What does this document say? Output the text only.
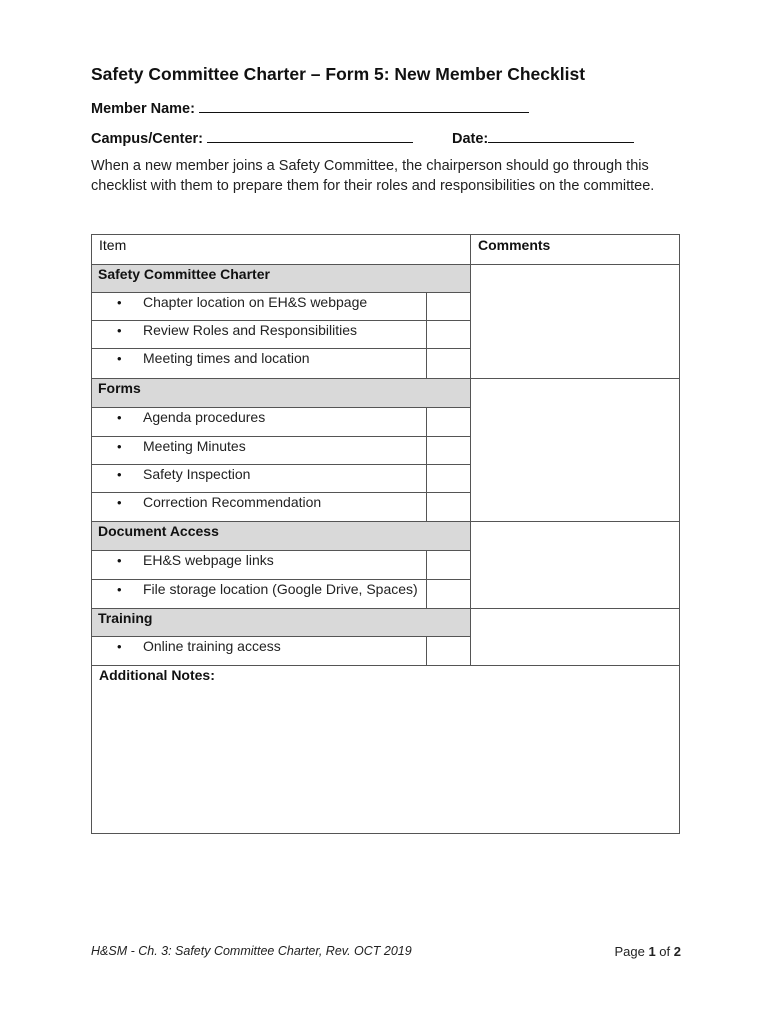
Safety Committee Charter – Form 5: New Member Checklist
Member Name:
Campus/Center:	Date:
When a new member joins a Safety Committee, the chairperson should go through this checklist with them to prepare them for their roles and responsibilities on the committee.
Item	Comments
Safety Committee Charter
• Chapter location on EH&S webpage
• Review Roles and Responsibilities
• Meeting times and location
Forms
• Agenda procedures
• Meeting Minutes
• Safety Inspection
• Correction Recommendation
Document Access
• EH&S webpage links
• File storage location (Google Drive, Spaces)
Training
• Online training access
Additional Notes:
H&SM - Ch. 3: Safety Committee Charter, Rev. OCT 2019	Page 1 of 2
